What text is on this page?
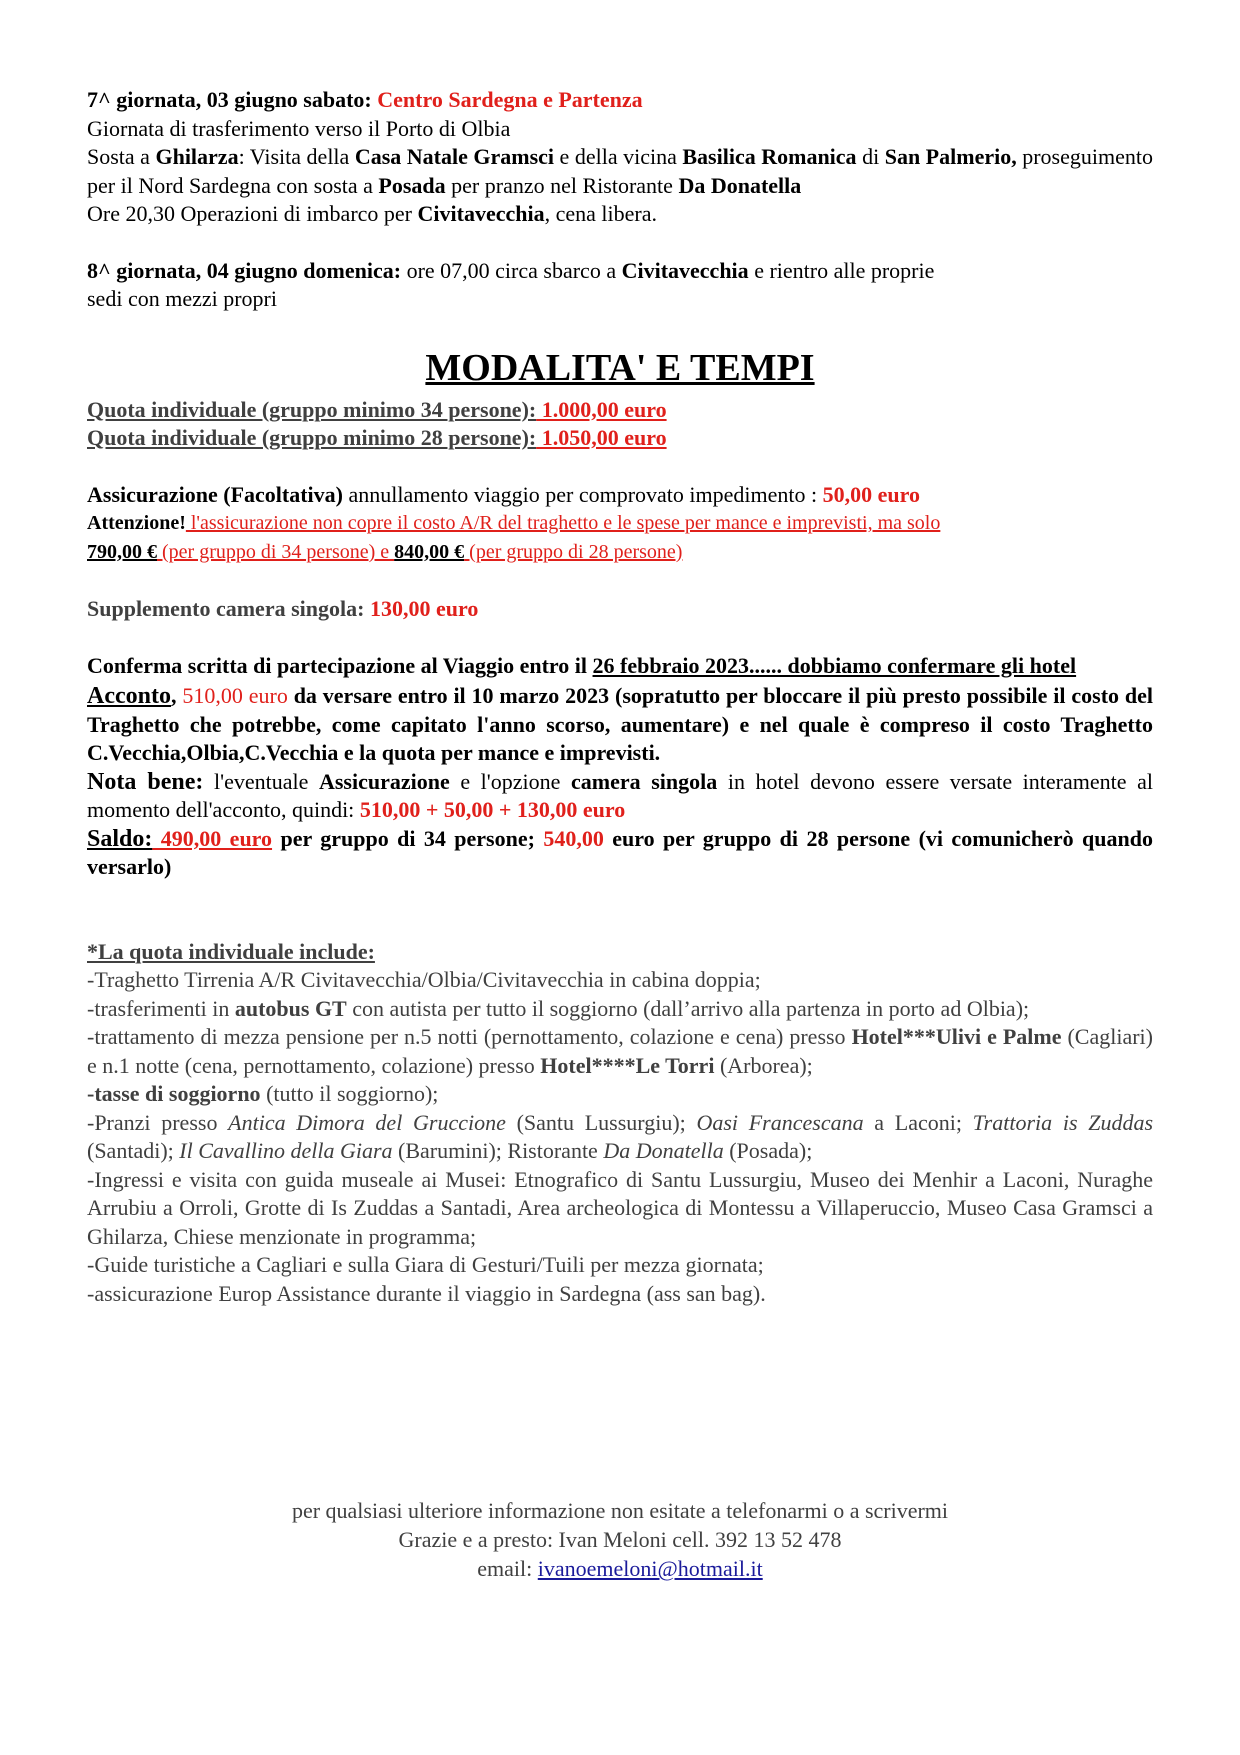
7^ giornata, 03 giugno sabato: Centro Sardegna e Partenza

Giornata di trasferimento verso il Porto di Olbia

Sosta a Ghilarza: Visita della Casa Natale Gramsci e della vicina Basilica Romanica di San Palmerio, proseguimento per il Nord Sardegna con sosta a Posada per pranzo nel Ristorante Da Donatella

Ore 20,30 Operazioni di imbarco per Civitavecchia, cena libera.

8^ giornata, 04 giugno domenica: ore 07,00 circa sbarco a Civitavecchia e rientro alle proprie

sedi con mezzi propri

MODALITA' E TEMPI

Quota individuale (gruppo minimo 34 persone): 1.000,00 euro

Quota individuale (gruppo minimo 28 persone): 1.050,00 euro

Assicurazione (Facoltativa) annullamento viaggio per comprovato impedimento : 50,00 euro

Attenzione! l'assicurazione non copre il costo A/R del traghetto e le spese per mance e imprevisti, ma solo

790,00 € (per gruppo di 34 persone) e 840,00 € (per gruppo di 28 persone)

Supplemento camera singola: 130,00 euro

Conferma scritta di partecipazione al Viaggio entro il 26 febbraio 2023...... dobbiamo confermare gli hotel

Acconto, 510,00 euro da versare entro il 10 marzo 2023 (sopratutto per bloccare il più presto possibile il costo del Traghetto che potrebbe, come capitato l'anno scorso, aumentare) e nel quale è compreso il costo Traghetto C.Vecchia,Olbia,C.Vecchia e la quota per mance e imprevisti.

Nota bene: l'eventuale Assicurazione e l'opzione camera singola in hotel devono essere versate interamente al momento dell'acconto, quindi: 510,00 + 50,00 + 130,00 euro

Saldo: 490,00 euro per gruppo di 34 persone; 540,00 euro per gruppo di 28 persone (vi comunicherò quando versarlo)

*La quota individuale include:

-Traghetto Tirrenia A/R Civitavecchia/Olbia/Civitavecchia in cabina doppia;

-trasferimenti in autobus GT con autista per tutto il soggiorno (dall’arrivo alla partenza in porto ad Olbia);

-trattamento di mezza pensione per n.5 notti (pernottamento, colazione e cena) presso Hotel***Ulivi e Palme (Cagliari) e n.1 notte (cena, pernottamento, colazione) presso Hotel****Le Torri (Arborea);

-tasse di soggiorno (tutto il soggiorno);

-Pranzi presso Antica Dimora del Gruccione (Santu Lussurgiu); Oasi Francescana a Laconi; Trattoria is Zuddas (Santadi); Il Cavallino della Giara (Barumini); Ristorante Da Donatella (Posada);

-Ingressi e visita con guida museale ai Musei: Etnografico di Santu Lussurgiu, Museo dei Menhir a Laconi, Nuraghe Arrubiu a Orroli, Grotte di Is Zuddas a Santadi, Area archeologica di Montessu a Villaperuccio, Museo Casa Gramsci a Ghilarza, Chiese menzionate in programma;

-Guide turistiche a Cagliari e sulla Giara di Gesturi/Tuili per mezza giornata;

-assicurazione Europ Assistance durante il viaggio in Sardegna (ass san bag).

per qualsiasi ulteriore informazione non esitate a telefonarmi o a scrivermi

Grazie e a presto: Ivan Meloni cell. 392 13 52 478

email: ivanoemeloni@hotmail.it
